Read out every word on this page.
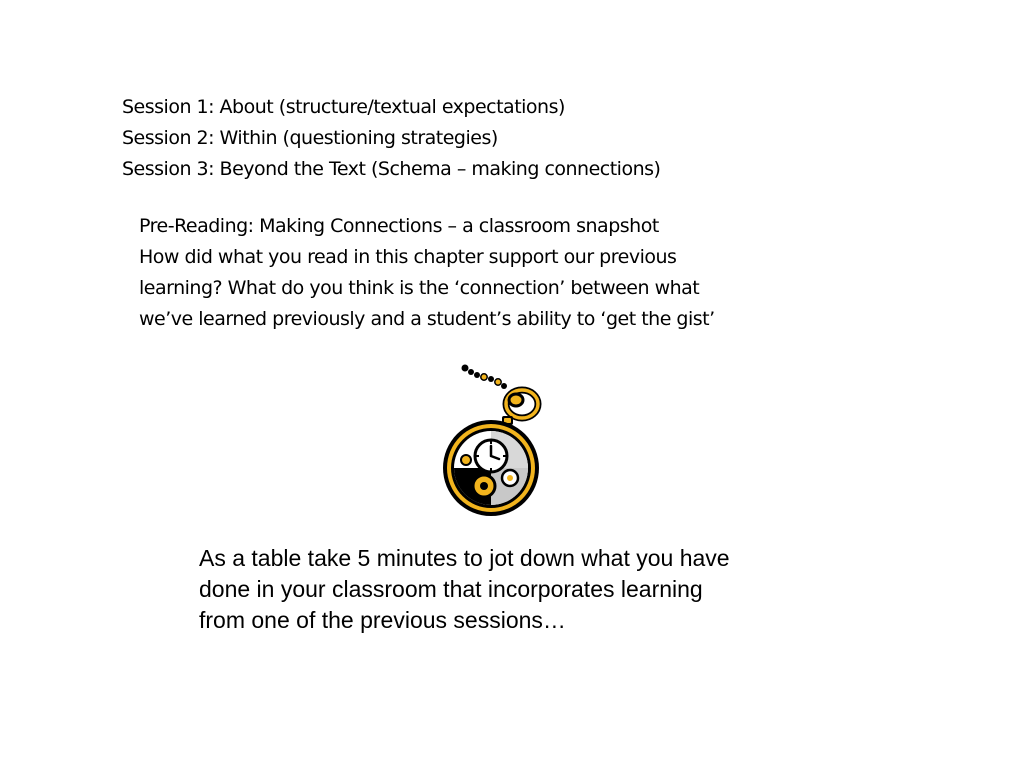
Session 1: About (structure/textual expectations)
Session 2: Within (questioning strategies)
Session 3: Beyond the Text (Schema – making connections)
Pre-Reading: Making Connections – a classroom snapshot
How did what you read in this chapter support our previous
learning? What do you think is the ‘connection’ between what
we’ve learned previously and a student’s ability to ‘get the gist’
As a table take 5 minutes to jot down what you have
done in your classroom that incorporates learning
from one of the previous sessions…
